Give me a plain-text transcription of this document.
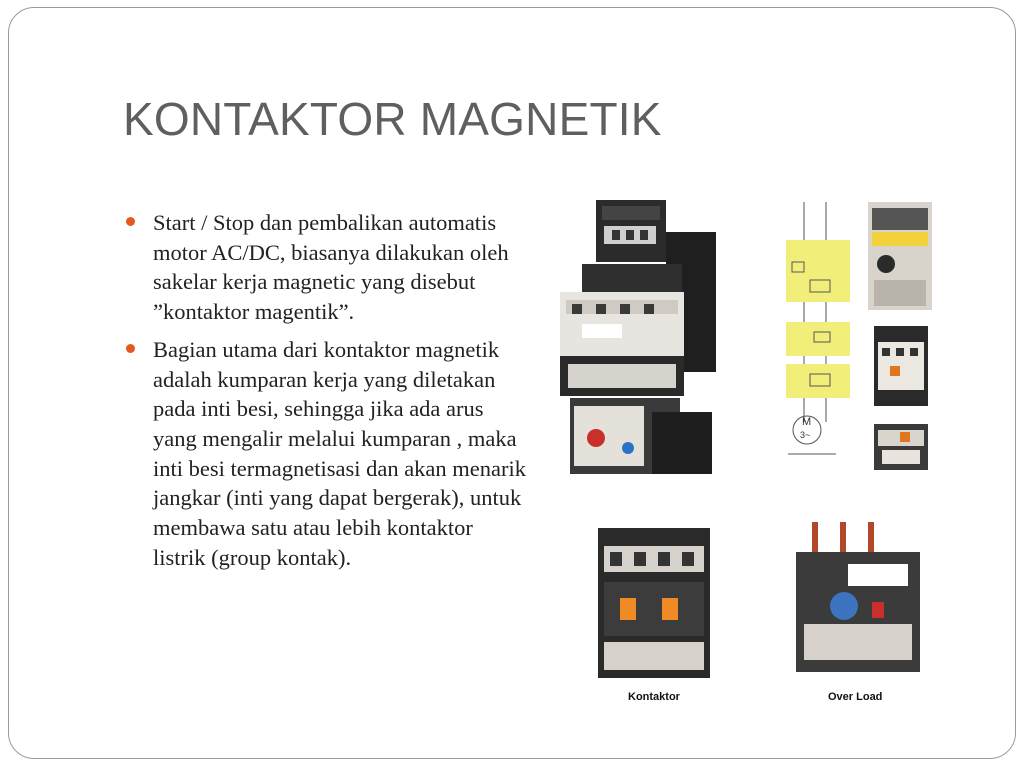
KONTAKTOR MAGNETIK
Start / Stop dan pembalikan automatis motor AC/DC, biasanya dilakukan oleh sakelar kerja magnetic yang disebut ”kontaktor magentik”.
Bagian utama dari kontaktor magnetik adalah kumparan kerja yang diletakan pada inti besi, sehingga jika ada arus yang mengalir melalui kumparan , maka inti besi termagnetisasi dan akan menarik jangkar (inti yang dapat bergerak), untuk membawa satu atau lebih kontaktor listrik (group kontak).
M
3~
Kontaktor	Over Load
